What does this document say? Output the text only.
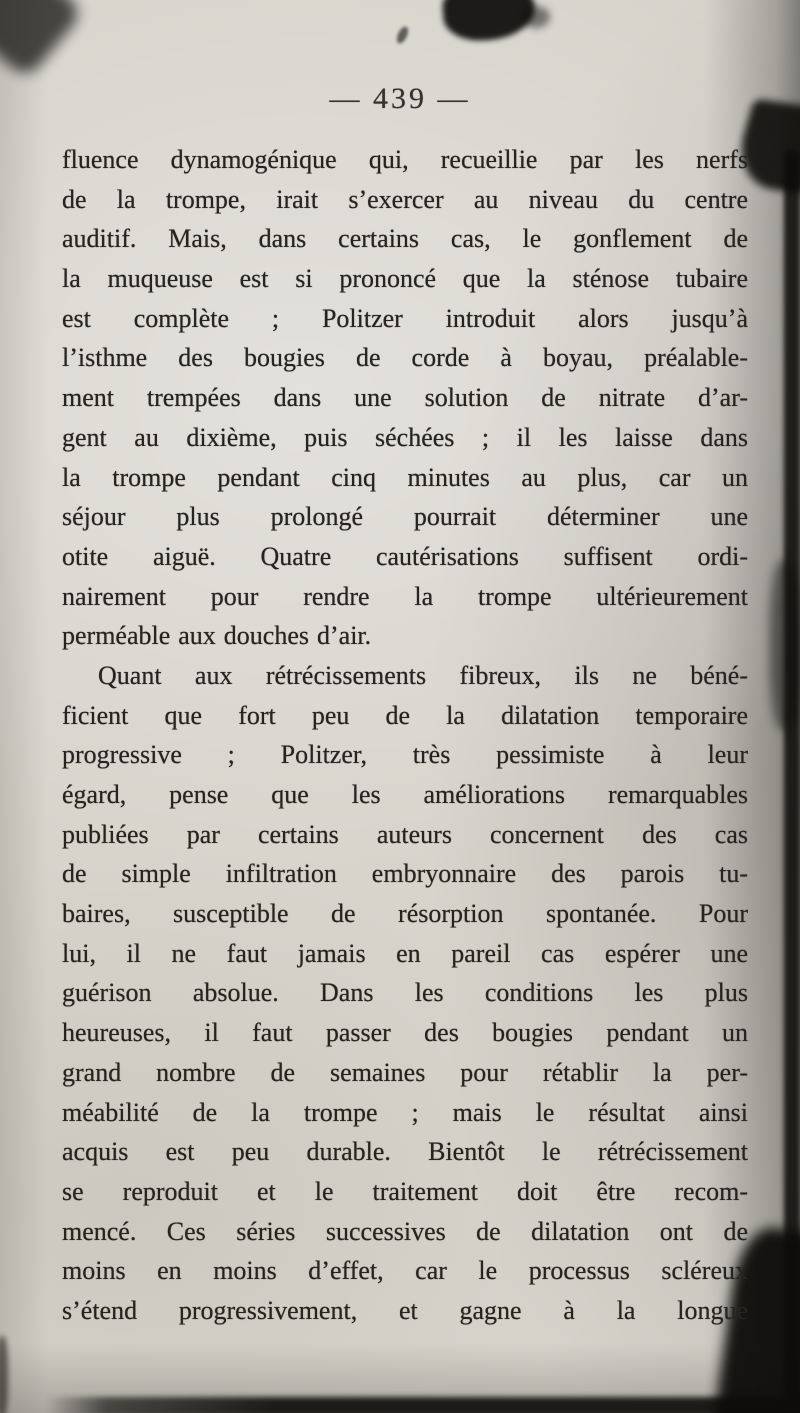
— 439 —
fluence dynamogénique qui, recueillie par les nerfs
de la trompe, irait s’exercer au niveau du centre
auditif. Mais, dans certains cas, le gonflement de
la muqueuse est si prononcé que la sténose tubaire
est complète ; Politzer introduit alors jusqu’à
l’isthme des bougies de corde à boyau, préalable-
ment trempées dans une solution de nitrate d’ar-
gent au dixième, puis séchées ; il les laisse dans
la trompe pendant cinq minutes au plus, car un
séjour plus prolongé pourrait déterminer une
otite aiguë. Quatre cautérisations suffisent ordi-
nairement pour rendre la trompe ultérieurement
perméable aux douches d’air.
Quant aux rétrécissements fibreux, ils ne béné-
ficient que fort peu de la dilatation temporaire
progressive ; Politzer, très pessimiste à leur
égard, pense que les améliorations remarquables
publiées par certains auteurs concernent des cas
de simple infiltration embryonnaire des parois tu-
baires, susceptible de résorption spontanée. Pour
lui, il ne faut jamais en pareil cas espérer une
guérison absolue. Dans les conditions les plus
heureuses, il faut passer des bougies pendant un
grand nombre de semaines pour rétablir la per-
méabilité de la trompe ; mais le résultat ainsi
acquis est peu durable. Bientôt le rétrécissement
se reproduit et le traitement doit être recom-
mencé. Ces séries successives de dilatation ont de
moins en moins d’effet, car le processus scléreux
s’étend progressivement, et gagne à la longue
